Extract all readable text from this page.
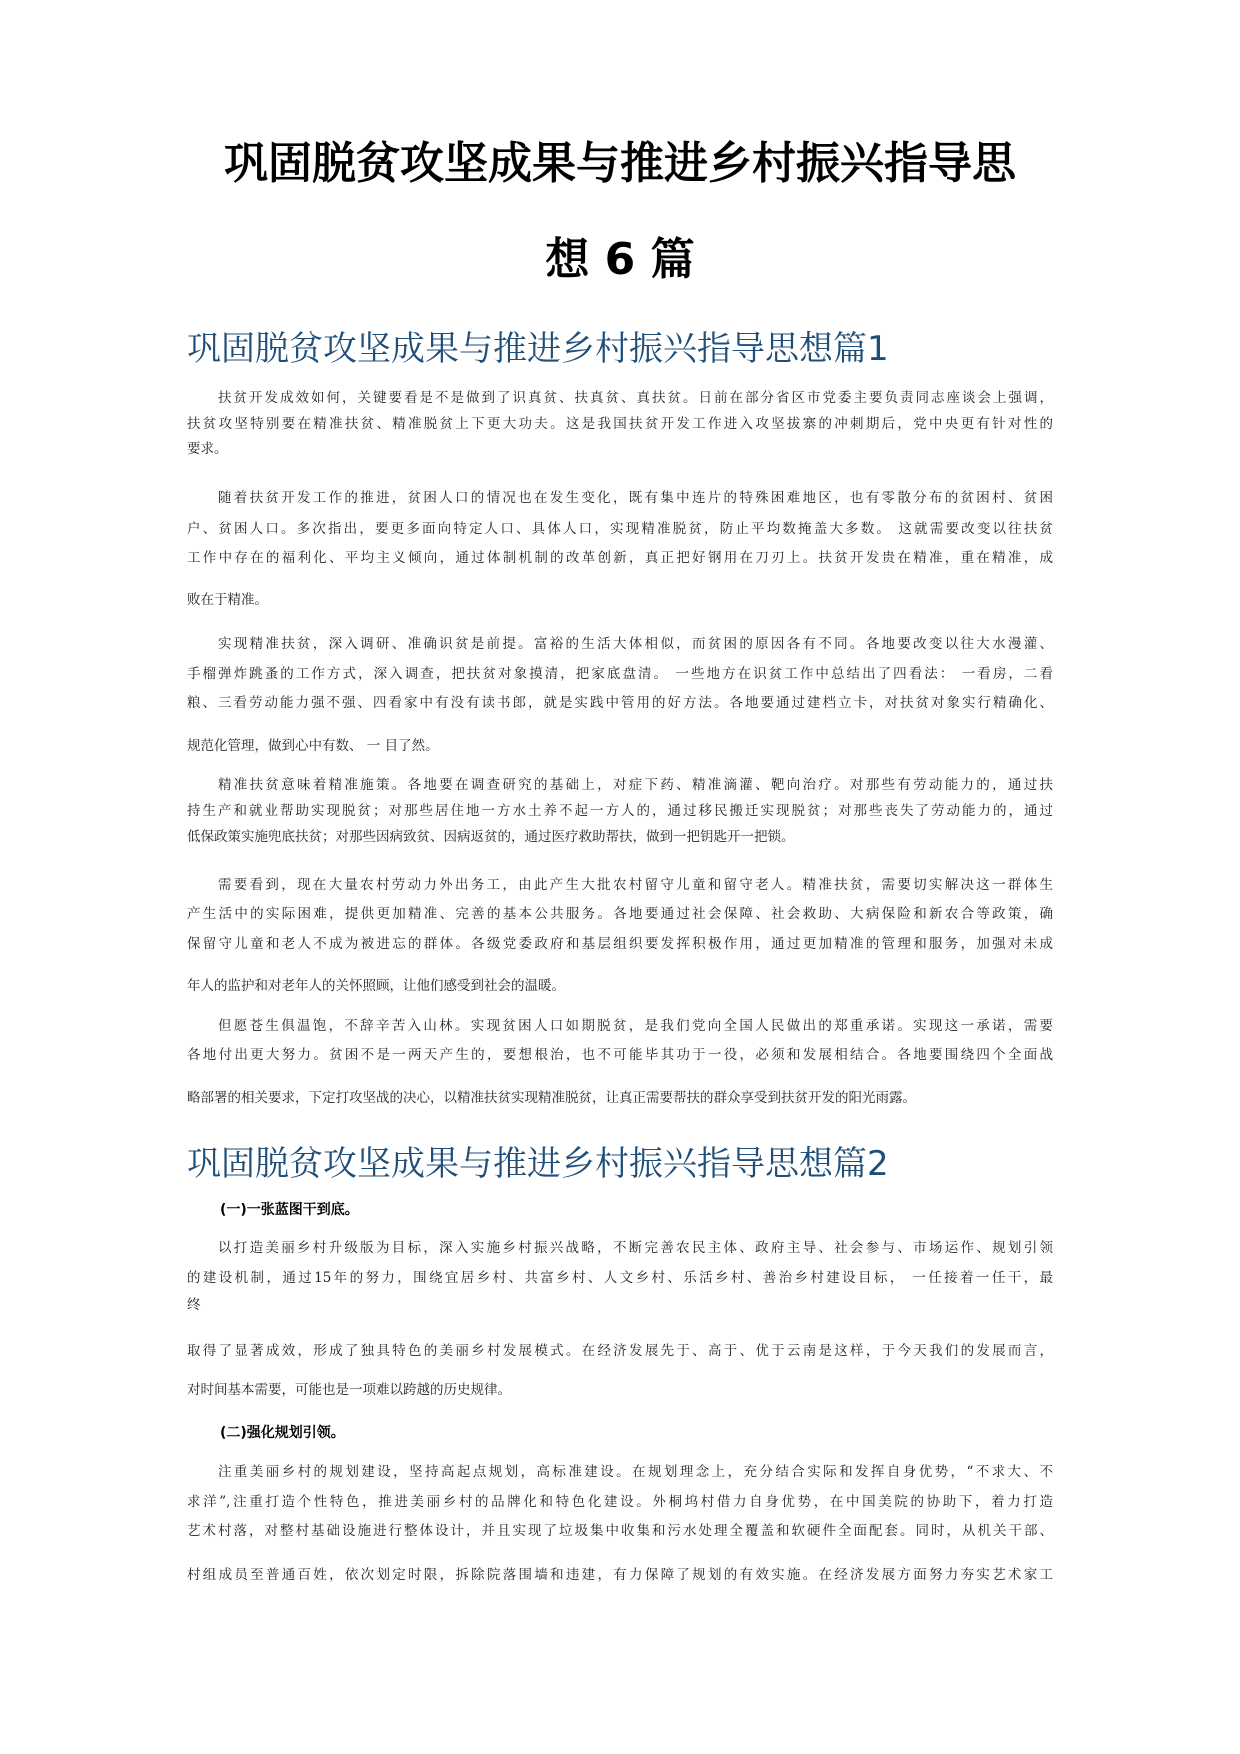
巩固脱贫攻坚成果与推进乡村振兴指导思
想 6 篇
巩固脱贫攻坚成果与推进乡村振兴指导思想篇1

扶贫开发成效如何，关键要看是不是做到了识真贫、扶真贫、真扶贫。日前在部分省区市党委主要负责同志座谈会上强调，

扶贫攻坚特别要在精准扶贫、精准脱贫上下更大功夫。这是我国扶贫开发工作进入攻坚拔寨的冲刺期后，党中央更有针对性的

要求。

随着扶贫开发工作的推进，贫困人口的情况也在发生变化，既有集中连片的特殊困难地区，也有零散分布的贫困村、贫困

户、贫困人口。多次指出，要更多面向特定人口、具体人口，实现精准脱贫，防止平均数掩盖大多数。 这就需要改变以往扶贫

工作中存在的福利化、平均主义倾向，通过体制机制的改革创新，真正把好钢用在刀刃上。扶贫开发贵在精准，重在精准，成

败在于精准。

实现精准扶贫，深入调研、准确识贫是前提。富裕的生活大体相似，而贫困的原因各有不同。各地要改变以往大水漫灌、

手榴弹炸跳蚤的工作方式，深入调查，把扶贫对象摸清，把家底盘清。 一些地方在识贫工作中总结出了四看法： 一看房，二看

粮、三看劳动能力强不强、四看家中有没有读书郎，就是实践中管用的好方法。各地要通过建档立卡，对扶贫对象实行精确化、

规范化管理，做到心中有数、 一 目了然。

精准扶贫意味着精准施策。各地要在调查研究的基础上，对症下药、精准滴灌、靶向治疗。对那些有劳动能力的，通过扶

持生产和就业帮助实现脱贫；对那些居住地一方水土养不起一方人的，通过移民搬迁实现脱贫；对那些丧失了劳动能力的，通过

低保政策实施兜底扶贫；对那些因病致贫、因病返贫的，通过医疗救助帮扶，做到一把钥匙开一把锁。

需要看到，现在大量农村劳动力外出务工，由此产生大批农村留守儿童和留守老人。精准扶贫，需要切实解决这一群体生

产生活中的实际困难，提供更加精准、完善的基本公共服务。各地要通过社会保障、社会救助、大病保险和新农合等政策，确

保留守儿童和老人不成为被进忘的群体。各级党委政府和基层组织要发挥积极作用，通过更加精准的管理和服务，加强对未成

年人的监护和对老年人的关怀照顾，让他们感受到社会的温暖。

但愿苍生俱温饱，不辞辛苦入山林。实现贫困人口如期脱贫，是我们党向全国人民做出的郑重承诺。实现这一承诺，需要

各地付出更大努力。贫困不是一两天产生的，要想根治，也不可能毕其功于一役，必须和发展相结合。各地要围绕四个全面战

略部署的相关要求，下定打攻坚战的决心，以精准扶贫实现精准脱贫，让真正需要帮扶的群众享受到扶贫开发的阳光雨露。

巩固脱贫攻坚成果与推进乡村振兴指导思想篇2
(一)一张蓝图干到底。

以打造美丽乡村升级版为目标，深入实施乡村振兴战略，不断完善农民主体、政府主导、社会参与、市场运作、规划引领

的建设机制，通过15年的努力，围绕宜居乡村、共富乡村、人文乡村、乐活乡村、善治乡村建设目标， 一任接着一任干，最

终

取得了显著成效，形成了独具特色的美丽乡村发展模式。在经济发展先于、高于、优于云南是这样，于今天我们的发展而言，

对时间基本需要，可能也是一项难以跨越的历史规律。

(二)强化规划引领。

注重美丽乡村的规划建设，坚持高起点规划，高标准建设。在规划理念上，充分结合实际和发挥自身优势，“不求大、不

求洋”,注重打造个性特色，推进美丽乡村的品牌化和特色化建设。外桐坞村借力自身优势，在中国美院的协助下，着力打造

艺术村落，对整村基础设施进行整体设计，并且实现了垃圾集中收集和污水处理全覆盖和软硬件全面配套。同时，从机关干部、

村组成员至普通百姓，依次划定时限，拆除院落围墙和违建，有力保障了规划的有效实施。在经济发展方面努力夯实艺术家工
